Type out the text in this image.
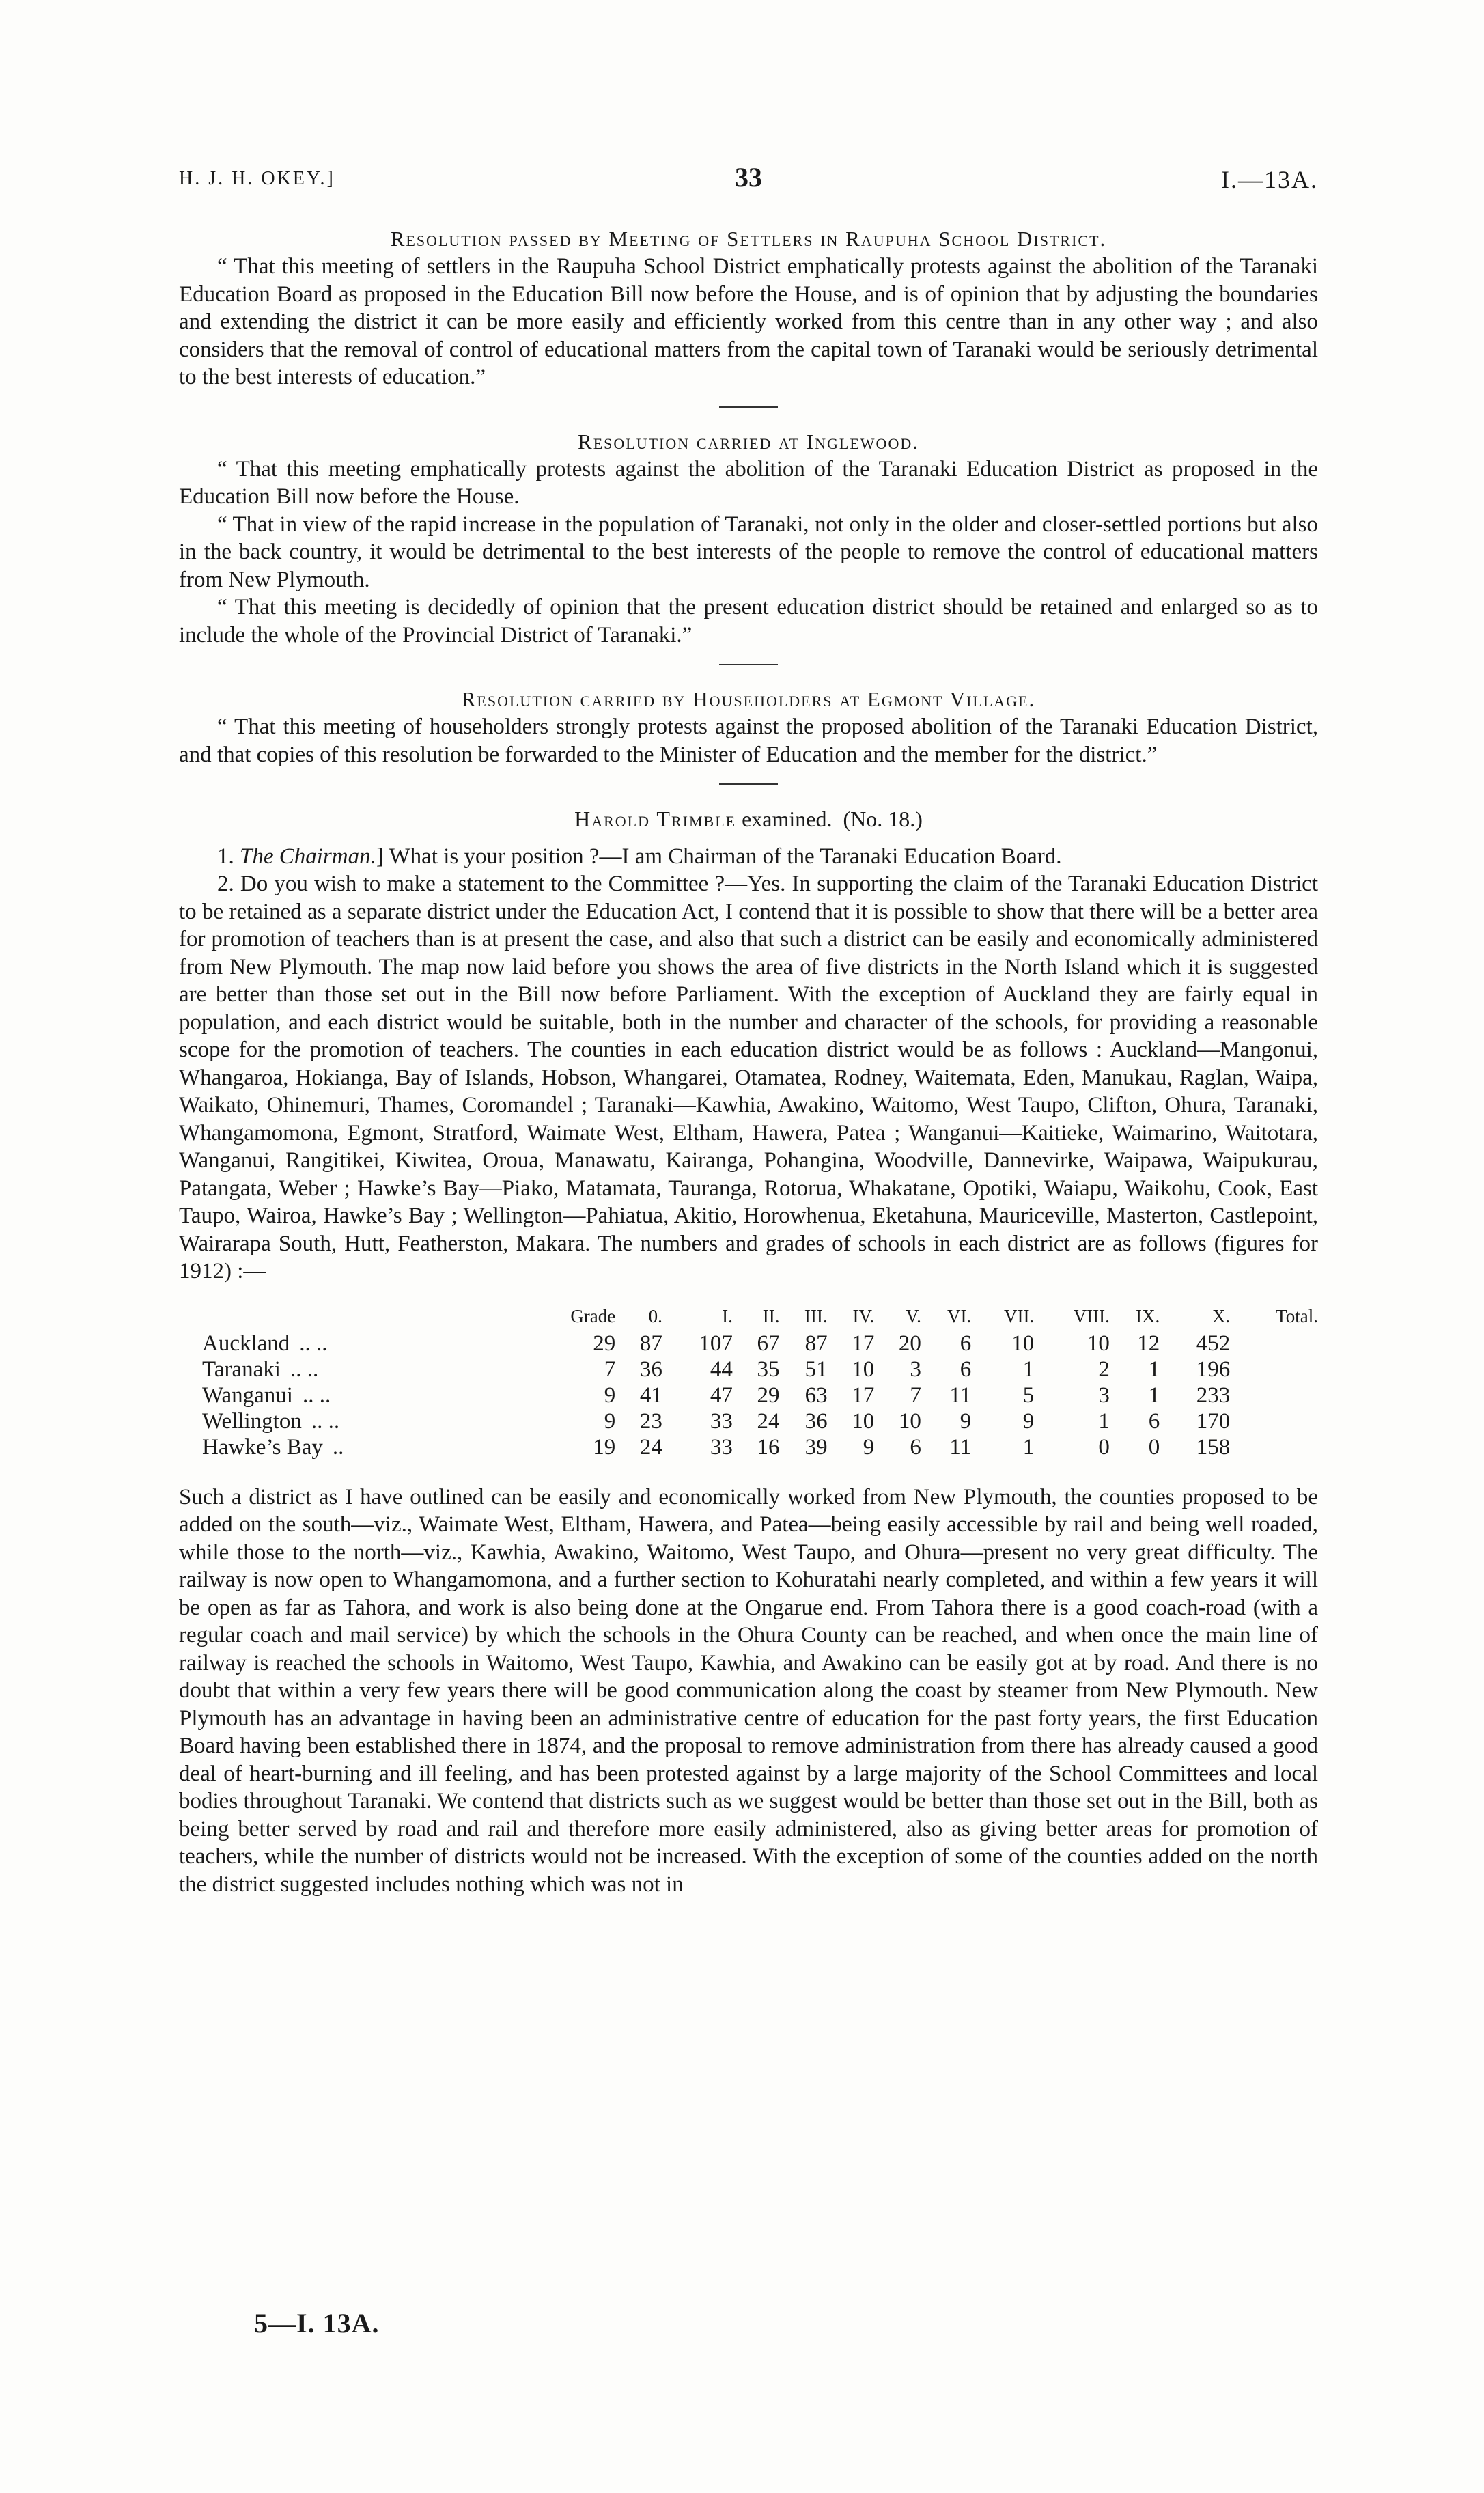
H. J. H. OKEY.]	33	I.—13A.

Resolution passed by Meeting of Settlers in Raupuha School District.

“ That this meeting of settlers in the Raupuha School District emphatically protests against the abolition of the Taranaki Education Board as proposed in the Education Bill now before the House, and is of opinion that by adjusting the boundaries and extending the district it can be more easily and efficiently worked from this centre than in any other way ; and also considers that the removal of control of educational matters from the capital town of Taranaki would be seriously detrimental to the best interests of education.”

Resolution carried at Inglewood.

“ That this meeting emphatically protests against the abolition of the Taranaki Education District as proposed in the Education Bill now before the House.

“ That in view of the rapid increase in the population of Taranaki, not only in the older and closer-settled portions but also in the back country, it would be detrimental to the best interests of the people to remove the control of educational matters from New Plymouth.

“ That this meeting is decidedly of opinion that the present education district should be retained and enlarged so as to include the whole of the Provincial District of Taranaki.”

Resolution carried by Householders at Egmont Village.

“ That this meeting of householders strongly protests against the proposed abolition of the Taranaki Education District, and that copies of this resolution be forwarded to the Minister of Education and the member for the district.”

Harold Trimble examined. (No. 18.)

1. The Chairman.] What is your position ?—I am Chairman of the Taranaki Education Board.

2. Do you wish to make a statement to the Committee ?—Yes. In supporting the claim of the Taranaki Education District to be retained as a separate district under the Education Act, I contend that it is possible to show that there will be a better area for promotion of teachers than is at present the case, and also that such a district can be easily and economically administered from New Plymouth. The map now laid before you shows the area of five districts in the North Island which it is suggested are better than those set out in the Bill now before Parliament. With the exception of Auckland they are fairly equal in population, and each district would be suitable, both in the number and character of the schools, for providing a reasonable scope for the promotion of teachers. The counties in each education district would be as follows : Auckland—Mangonui, Whangaroa, Hokianga, Bay of Islands, Hobson, Whangarei, Otamatea, Rodney, Waitemata, Eden, Manukau, Raglan, Waipa, Waikato, Ohinemuri, Thames, Coromandel ; Taranaki—Kawhia, Awakino, Waitomo, West Taupo, Clifton, Ohura, Taranaki, Whangamomona, Egmont, Stratford, Waimate West, Eltham, Hawera, Patea ; Wanganui—Kaitieke, Waimarino, Waitotara, Wanganui, Rangitikei, Kiwitea, Oroua, Manawatu, Kairanga, Pohangina, Woodville, Dannevirke, Waipawa, Waipukurau, Patangata, Weber ; Hawke’s Bay—Piako, Matamata, Tauranga, Rotorua, Whakatane, Opotiki, Waiapu, Waikohu, Cook, East Taupo, Wairoa, Hawke’s Bay ; Wellington—Pahiatua, Akitio, Horowhenua, Eketahuna, Mauriceville, Masterton, Castlepoint, Wairarapa South, Hutt, Featherston, Makara. The numbers and grades of schools in each district are as follows (figures for 1912) :—

	Grade	0.	I.	II.	III.	IV.	V.	VI.	VII.	VIII.	IX.	X.	Total.
Auckland .. ..	29	87	107	67	87	17	20	6	10	10	12	452	
Taranaki .. ..	7	36	44	35	51	10	3	6	1	2	1	196	
Wanganui .. ..	9	41	47	29	63	17	7	11	5	3	1	233	
Wellington .. ..	9	23	33	24	36	10	10	9	9	1	6	170	
Hawke’s Bay ..	19	24	33	16	39	9	6	11	1	0	0	158	

Such a district as I have outlined can be easily and economically worked from New Plymouth, the counties proposed to be added on the south—viz., Waimate West, Eltham, Hawera, and Patea—being easily accessible by rail and being well roaded, while those to the north—viz., Kawhia, Awakino, Waitomo, West Taupo, and Ohura—present no very great difficulty. The railway is now open to Whangamomona, and a further section to Kohuratahi nearly completed, and within a few years it will be open as far as Tahora, and work is also being done at the Ongarue end. From Tahora there is a good coach-road (with a regular coach and mail service) by which the schools in the Ohura County can be reached, and when once the main line of railway is reached the schools in Waitomo, West Taupo, Kawhia, and Awakino can be easily got at by road. And there is no doubt that within a very few years there will be good communication along the coast by steamer from New Plymouth. New Plymouth has an advantage in having been an administrative centre of education for the past forty years, the first Education Board having been established there in 1874, and the proposal to remove administration from there has already caused a good deal of heart-burning and ill feeling, and has been protested against by a large majority of the School Committees and local bodies throughout Taranaki. We contend that districts such as we suggest would be better than those set out in the Bill, both as being better served by road and rail and therefore more easily administered, also as giving better areas for promotion of teachers, while the number of districts would not be increased. With the exception of some of the counties added on the north the district suggested includes nothing which was not in

5—I. 13A.
